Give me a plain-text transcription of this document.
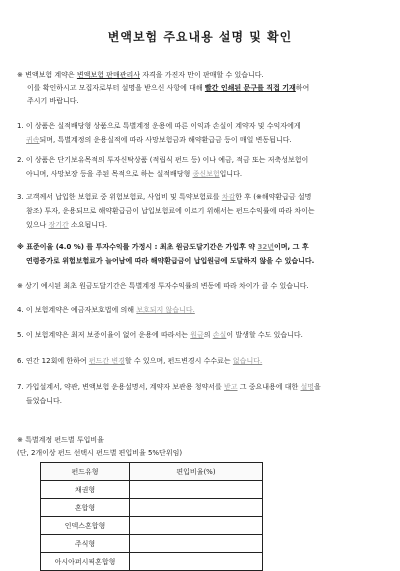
변액보험 주요내용 설명 및 확인
※ 변액보험 계약은 변액보험 판매관리사 자격을 가진자 만이 판매할 수 있습니다.
이를 확인하시고 모집자로부터 설명을 받으신 사항에 대해 빨간 인쇄된 문구를 직접 기재하여
주시기 바랍니다.
1. 이 상품은 실적배당형 상품으로 특별계정 운용에 따른 이익과 손실이 계약자 및 수익자에게
귀속되며, 특별계정의 운용실적에 따라 사망보험금과 해약환급금 등이 매일 변동됩니다.
2. 이 상품은 단기보유목적의 투자신탁상품 (적립식 펀드 등) 이나 예금, 적금 또는 저축성보험이
아니며, 사망보장 등을 주된 목적으로 하는 실적배당형 종신보험입니다.
3. 고객께서 납입한 보험료 중 위험보험료, 사업비 및 특약보험료를 차감한 후 (※해약환급금 설명
참조) 투자, 운용되므로 해약환급금이 납입보험료에 이르기 위해서는 펀드수익률에 따라 차이는
있으나 장기간 소요됩니다.
※ 표준이율 (4.0 %) 를 투자수익률 가정시 : 최초 원금도달기간은 가입후 약 32년이며, 그 후
연령증가로 위험보험료가 늘어남에 따라 해약환급금이 납입원금에 도달하지 않을 수 있습니다.
※ 상기 예시된 최초 원금도달기간은 특별계정 투자수익률의 변동에 따라 차이가 클 수 있습니다.
4. 이 보험계약은 예금자보호법에 의해 보호되지 않습니다.
5. 이 보험계약은 최저 보증이율이 없어 운용에 따라서는 원금의 손실이 발생할 수도 있습니다.
6. 연간 12회에 한하여 펀드간 변경할 수 있으며, 펀드변경시 수수료는 없습니다.
7. 가입설계서, 약관, 변액보험 운용설명서, 계약자 보관용 청약서를 받고 그 중요내용에 대한 설명을
들었습니다.
※ 특별계정 펀드별 투입비율
(단, 2개이상 펀드 선택시 펀드별 편입비율 5%단위임)
펀드유형	편입비율(%)
채권형	
혼합형	
인덱스혼합형	
주식형	
아시아퍼시픽혼합형	
